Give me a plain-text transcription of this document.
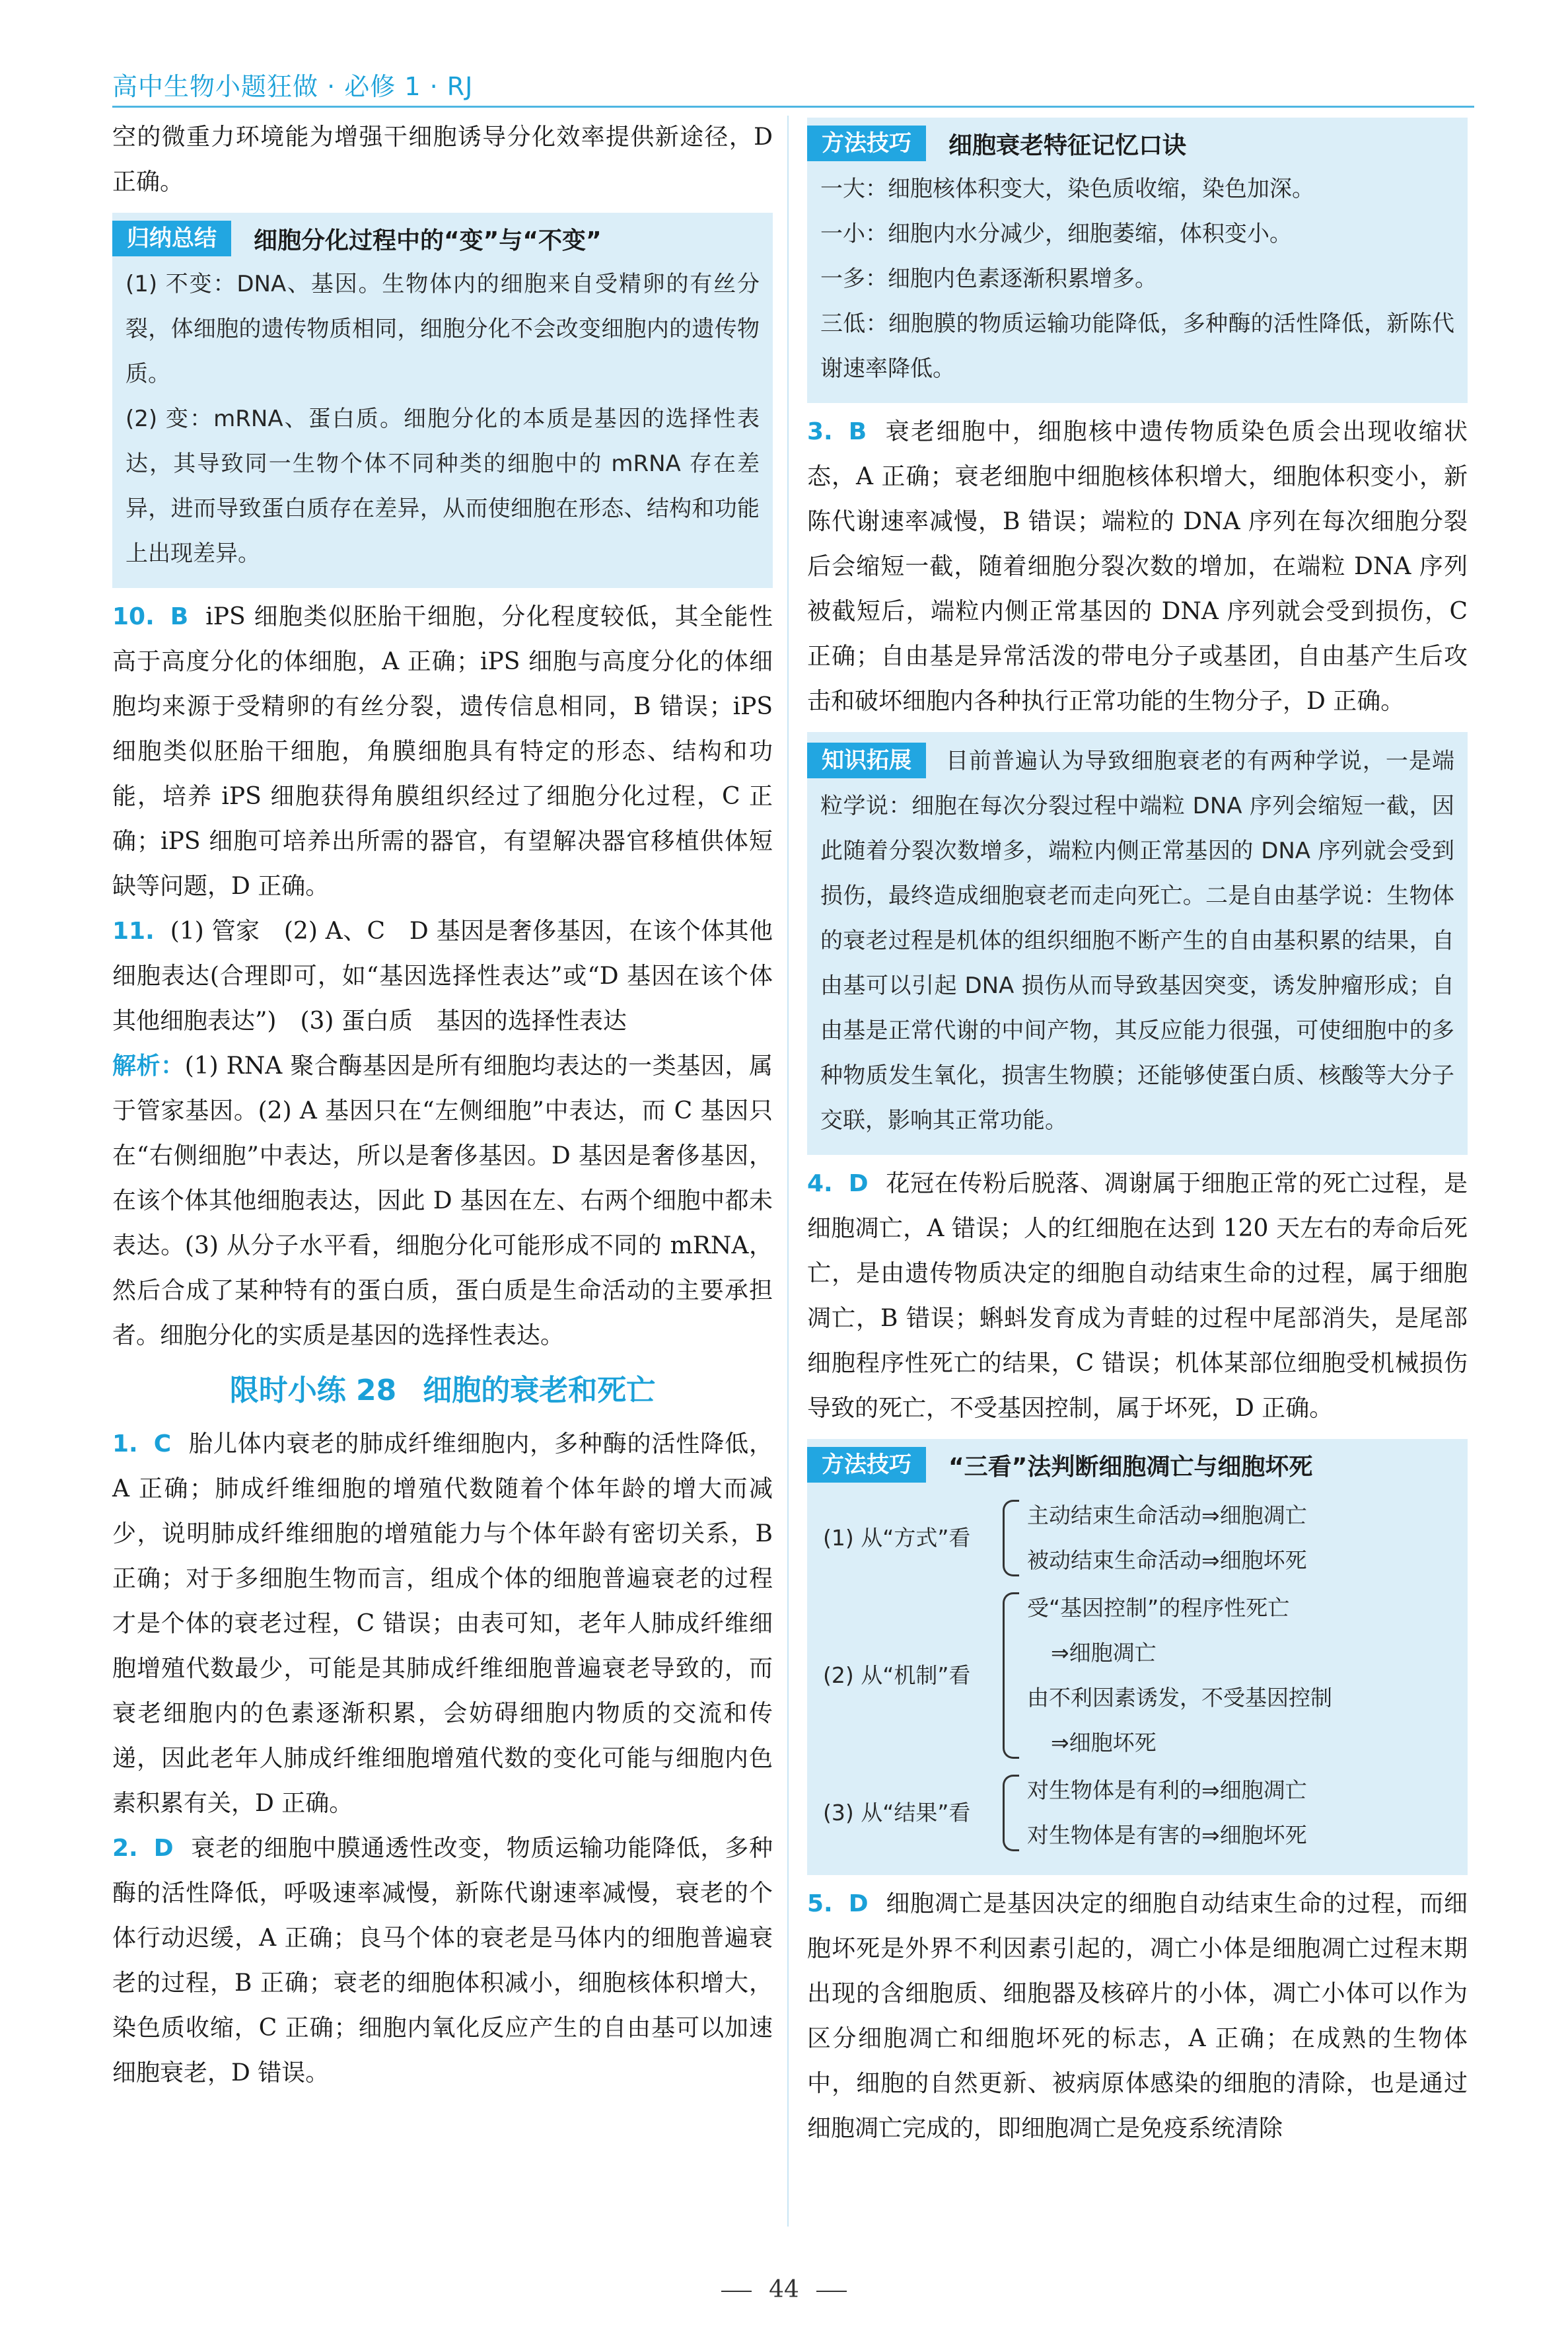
高中生物小题狂做 · 必修 1 · RJ

空的微重力环境能为增强干细胞诱导分化效率提供新途径，D 正确。

归纳总结	细胞分化过程中的“变”与“不变”

(1) 不变：DNA、基因。生物体内的细胞来自受精卵的有丝分裂，体细胞的遗传物质相同，细胞分化不会改变细胞内的遗传物质。

(2) 变：mRNA、蛋白质。细胞分化的本质是基因的选择性表达，其导致同一生物个体不同种类的细胞中的 mRNA 存在差异，进而导致蛋白质存在差异，从而使细胞在形态、结构和功能上出现差异。

10. B iPS 细胞类似胚胎干细胞，分化程度较低，其全能性高于高度分化的体细胞，A 正确；iPS 细胞与高度分化的体细胞均来源于受精卵的有丝分裂，遗传信息相同，B 错误；iPS 细胞类似胚胎干细胞，角膜细胞具有特定的形态、结构和功能，培养 iPS 细胞获得角膜组织经过了细胞分化过程，C 正确；iPS 细胞可培养出所需的器官，有望解决器官移植供体短缺等问题，D 正确。

11. (1) 管家　(2) A、C　D 基因是奢侈基因，在该个体其他细胞表达(合理即可，如“基因选择性表达”或“D 基因在该个体其他细胞表达”)　(3) 蛋白质　基因的选择性表达

解析：(1) RNA 聚合酶基因是所有细胞均表达的一类基因，属于管家基因。(2) A 基因只在“左侧细胞”中表达，而 C 基因只在“右侧细胞”中表达，所以是奢侈基因。D 基因是奢侈基因，在该个体其他细胞表达，因此 D 基因在左、右两个细胞中都未表达。(3) 从分子水平看，细胞分化可能形成不同的 mRNA，然后合成了某种特有的蛋白质，蛋白质是生命活动的主要承担者。细胞分化的实质是基因的选择性表达。

限时小练 28 细胞的衰老和死亡

1. C 胎儿体内衰老的肺成纤维细胞内，多种酶的活性降低，A 正确；肺成纤维细胞的增殖代数随着个体年龄的增大而减少，说明肺成纤维细胞的增殖能力与个体年龄有密切关系，B 正确；对于多细胞生物而言，组成个体的细胞普遍衰老的过程才是个体的衰老过程，C 错误；由表可知，老年人肺成纤维细胞增殖代数最少，可能是其肺成纤维细胞普遍衰老导致的，而衰老细胞内的色素逐渐积累，会妨碍细胞内物质的交流和传递，因此老年人肺成纤维细胞增殖代数的变化可能与细胞内色素积累有关，D 正确。

2. D 衰老的细胞中膜通透性改变，物质运输功能降低，多种酶的活性降低，呼吸速率减慢，新陈代谢速率减慢，衰老的个体行动迟缓，A 正确；良马个体的衰老是马体内的细胞普遍衰老的过程，B 正确；衰老的细胞体积减小，细胞核体积增大，染色质收缩，C 正确；细胞内氧化反应产生的自由基可以加速细胞衰老，D 错误。

方法技巧	细胞衰老特征记忆口诀

一大：细胞核体积变大，染色质收缩，染色加深。

一小：细胞内水分减少，细胞萎缩，体积变小。

一多：细胞内色素逐渐积累增多。

三低：细胞膜的物质运输功能降低，多种酶的活性降低，新陈代谢速率降低。

3. B 衰老细胞中，细胞核中遗传物质染色质会出现收缩状态，A 正确；衰老细胞中细胞核体积增大，细胞体积变小，新陈代谢速率减慢，B 错误；端粒的 DNA 序列在每次细胞分裂后会缩短一截，随着细胞分裂次数的增加，在端粒 DNA 序列被截短后，端粒内侧正常基因的 DNA 序列就会受到损伤，C 正确；自由基是异常活泼的带电分子或基团，自由基产生后攻击和破坏细胞内各种执行正常功能的生物分子，D 正确。

知识拓展	目前普遍认为导致细胞衰老的有两种学说，一是端粒学说：细胞在每次分裂过程中端粒 DNA 序列会缩短一截，因此随着分裂次数增多，端粒内侧正常基因的 DNA 序列就会受到损伤，最终造成细胞衰老而走向死亡。二是自由基学说：生物体的衰老过程是机体的组织细胞不断产生的自由基积累的结果，自由基可以引起 DNA 损伤从而导致基因突变，诱发肿瘤形成；自由基是正常代谢的中间产物，其反应能力很强，可使细胞中的多种物质发生氧化，损害生物膜；还能够使蛋白质、核酸等大分子交联，影响其正常功能。

4. D 花冠在传粉后脱落、凋谢属于细胞正常的死亡过程，是细胞凋亡，A 错误；人的红细胞在达到 120 天左右的寿命后死亡，是由遗传物质决定的细胞自动结束生命的过程，属于细胞凋亡，B 错误；蝌蚪发育成为青蛙的过程中尾部消失，是尾部细胞程序性死亡的结果，C 错误；机体某部位细胞受机械损伤导致的死亡，不受基因控制，属于坏死，D 正确。

方法技巧	“三看”法判断细胞凋亡与细胞坏死
(1) 从“方式”看
主动结束生命活动⇒细胞凋亡
被动结束生命活动⇒细胞坏死
(2) 从“机制”看
受“基因控制”的程序性死亡
⇒细胞凋亡
由不利因素诱发，不受基因控制
⇒细胞坏死
(3) 从“结果”看
对生物体是有利的⇒细胞凋亡
对生物体是有害的⇒细胞坏死

5. D 细胞凋亡是基因决定的细胞自动结束生命的过程，而细胞坏死是外界不利因素引起的，凋亡小体是细胞凋亡过程末期出现的含细胞质、细胞器及核碎片的小体，凋亡小体可以作为区分细胞凋亡和细胞坏死的标志，A 正确；在成熟的生物体中，细胞的自然更新、被病原体感染的细胞的清除，也是通过细胞凋亡完成的，即细胞凋亡是免疫系统清除

44
